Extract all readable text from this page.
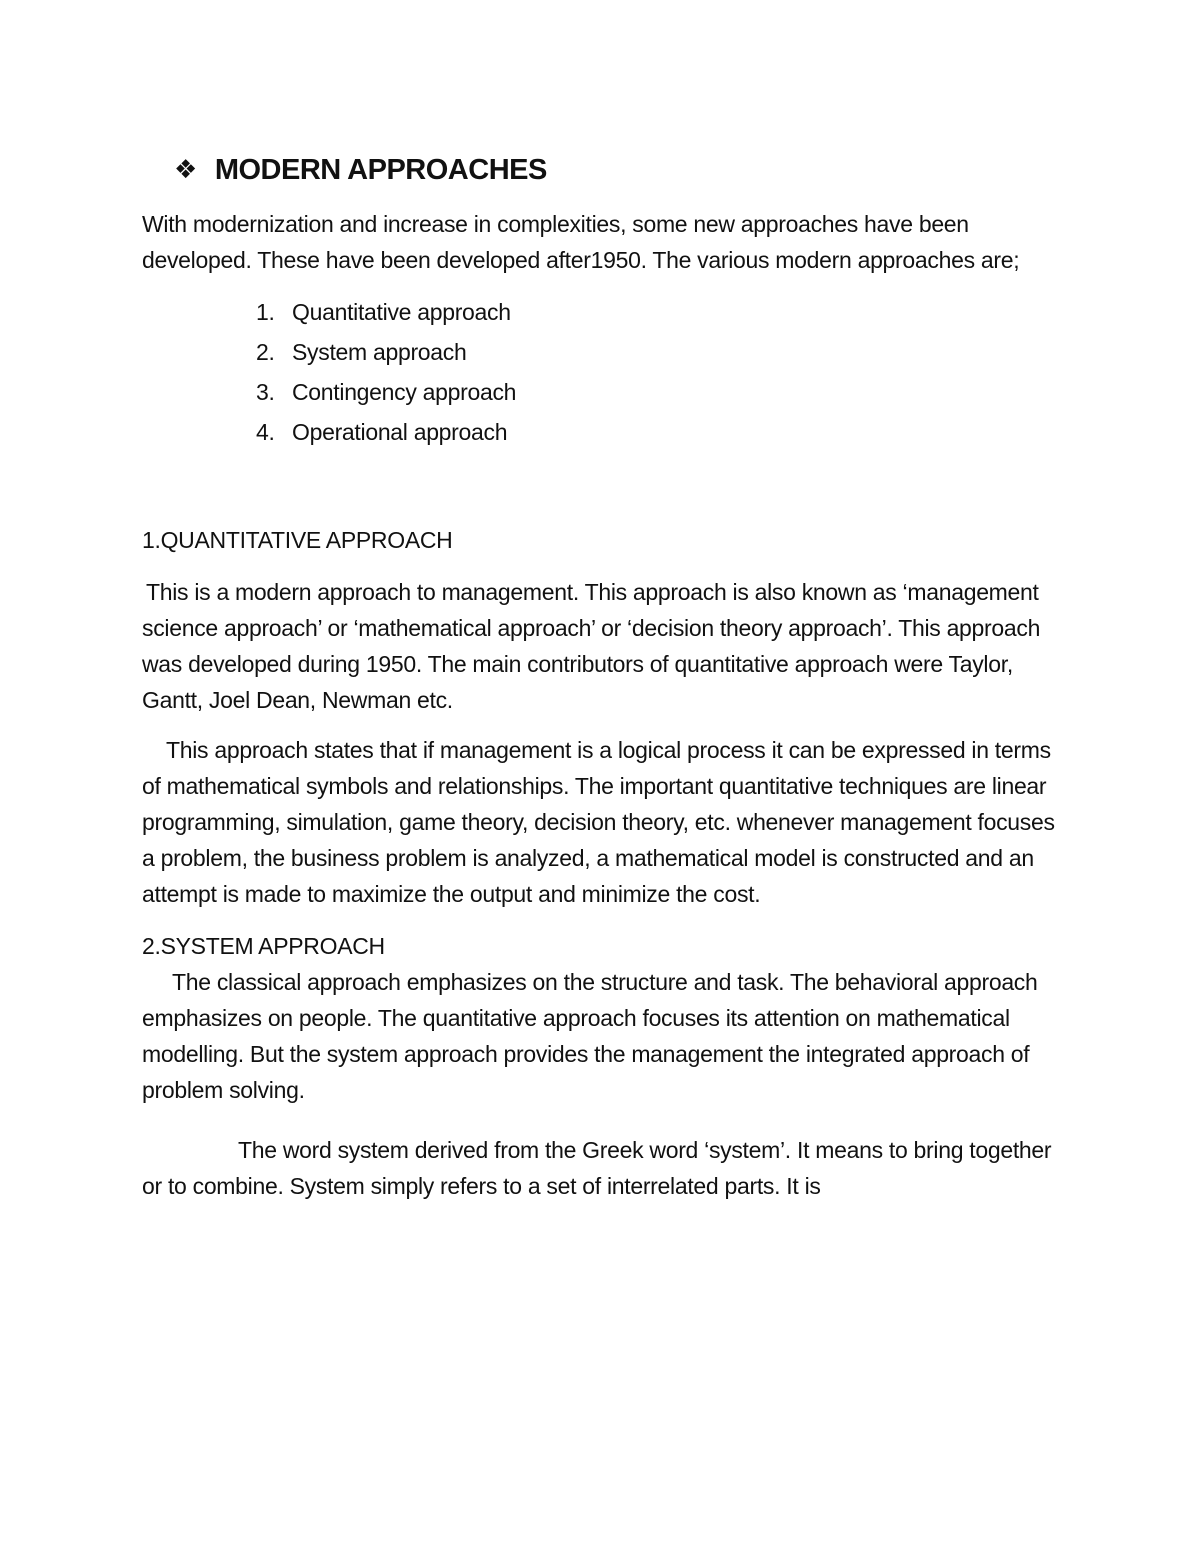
❖ MODERN APPROACHES

With modernization and increase in complexities, some new approaches have been developed. These have been developed after1950. The various modern approaches are;

1. Quantitative approach
2. System approach
3. Contingency approach
4. Operational approach
1.QUANTITATIVE APPROACH

This is a modern approach to management. This approach is also known as ‘management science approach’ or ‘mathematical approach’ or ‘decision theory approach’. This approach was developed during 1950. The main contributors of quantitative approach were Taylor, Gantt, Joel Dean, Newman etc.

This approach states that if management is a logical process it can be expressed in terms of mathematical symbols and relationships. The important quantitative techniques are linear programming, simulation, game theory, decision theory, etc. whenever management focuses a problem, the business problem is analyzed, a mathematical model is constructed and an attempt is made to maximize the output and minimize the cost.

2.SYSTEM APPROACH

The classical approach emphasizes on the structure and task. The behavioral approach emphasizes on people. The quantitative approach focuses its attention on mathematical modelling. But the system approach provides the management the integrated approach of problem solving.

The word system derived from the Greek word ‘system’. It means to bring together or to combine. System simply refers to a set of interrelated parts. It is
